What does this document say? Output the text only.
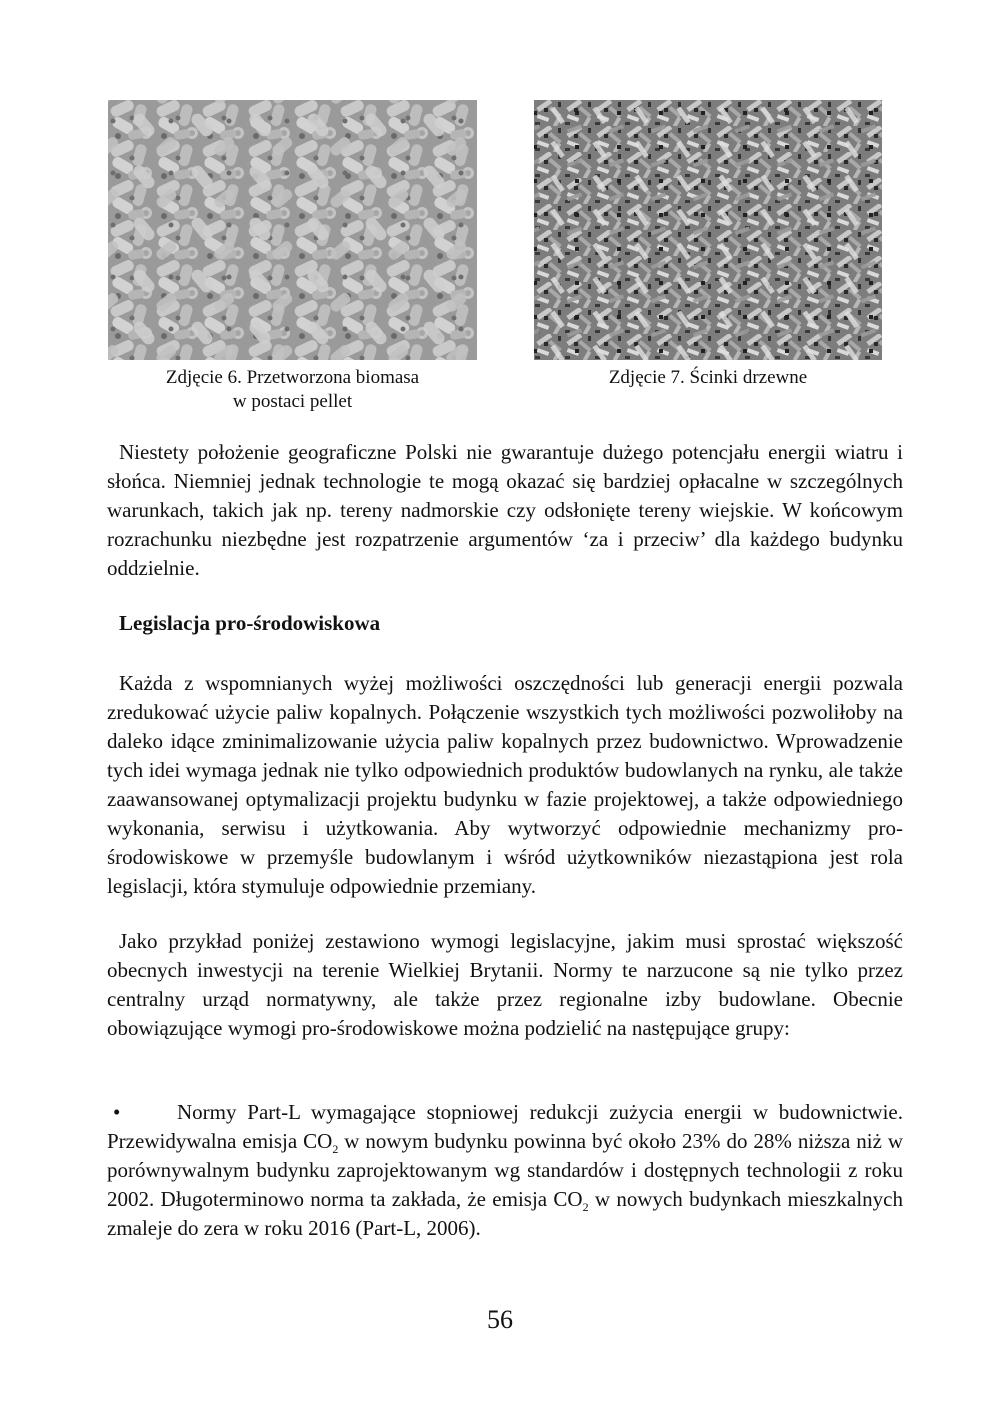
Zdjęcie 6. Przetworzona biomasa
w postaci pellet
Zdjęcie 7. Ścinki drzewne

Niestety położenie geograficzne Polski nie gwarantuje dużego potencjału energii wiatru i słońca. Niemniej jednak technologie te mogą okazać się bardziej opłacalne w szczególnych warunkach, takich jak np. tereny nadmorskie czy odsłonięte tereny wiejskie. W końcowym rozrachunku niezbędne jest rozpatrzenie argumentów ‘za i przeciw’ dla każdego budynku oddzielnie.

Legislacja pro-środowiskowa

Każda z wspomnianych wyżej możliwości oszczędności lub generacji energii pozwala zredukować użycie paliw kopalnych. Połączenie wszystkich tych możliwości pozwoliłoby na daleko idące zminimalizowanie użycia paliw kopalnych przez budownictwo. Wprowadzenie tych idei wymaga jednak nie tylko odpowiednich produktów budowlanych na rynku, ale także zaawansowanej optymalizacji projektu budynku w fazie projektowej, a także odpowiedniego wykonania, serwisu i użytkowania. Aby wytworzyć odpowiednie mechanizmy pro-środowiskowe w przemyśle budowlanym i wśród użytkowników niezastąpiona jest rola legislacji, która stymuluje odpowiednie przemiany.

Jako przykład poniżej zestawiono wymogi legislacyjne, jakim musi sprostać większość obecnych inwestycji na terenie Wielkiej Brytanii. Normy te narzucone są nie tylko przez centralny urząd normatywny, ale także przez regionalne izby budowlane. Obecnie obowiązujące wymogi pro-środowiskowe można podzielić na następujące grupy:

•	Normy Part-L wymagające stopniowej redukcji zużycia energii w budownictwie. Przewidywalna emisja $CO_2$ w nowym budynku powinna być około 23% do 28% niższa niż w porównywalnym budynku zaprojektowanym wg standardów i dostępnych technologii z roku 2002. Długoterminowo norma ta zakłada, że emisja $CO_2$ w nowych budynkach mieszkalnych zmaleje do zera w roku 2016 (Part-L, 2006).
56
